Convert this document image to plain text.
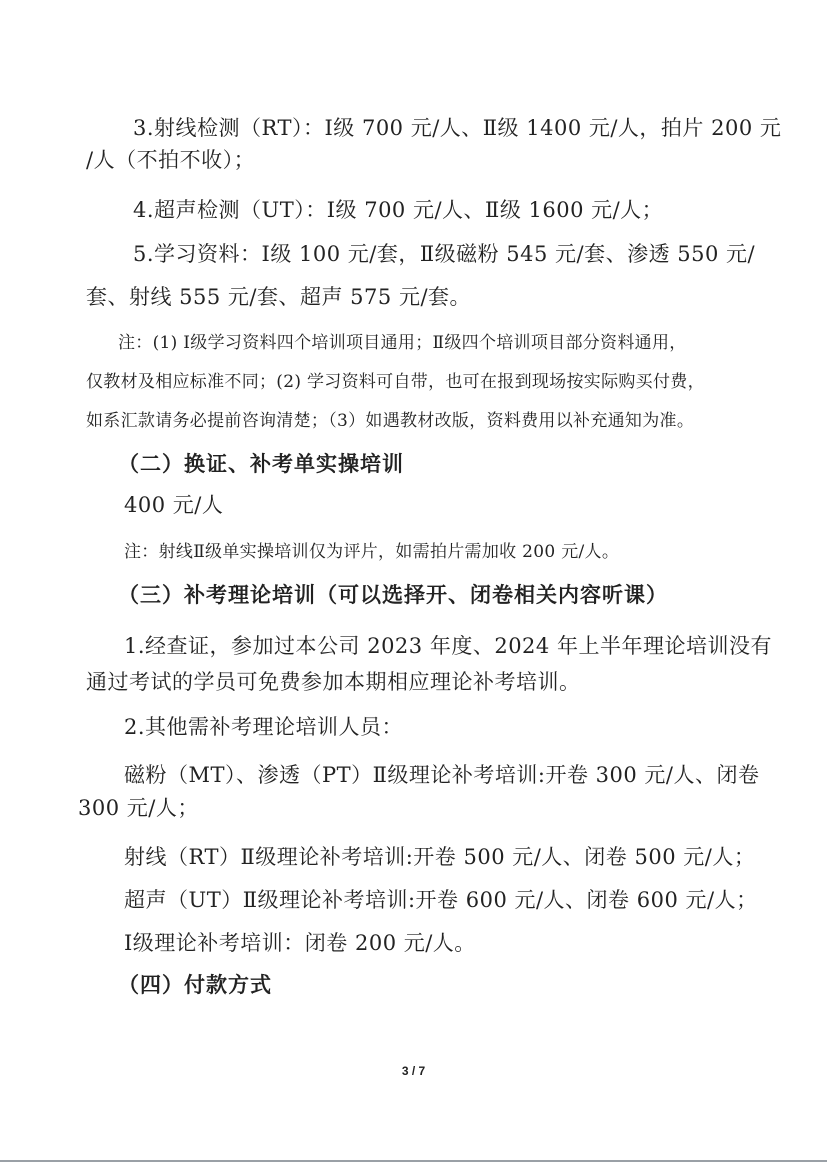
3.射线检测（RT）：Ⅰ级 700 元/人、Ⅱ级 1400 元/人，拍片 200 元
/人（不拍不收）；
4.超声检测（UT）：Ⅰ级 700 元/人、Ⅱ级 1600 元/人；
5.学习资料：Ⅰ级 100 元/套，Ⅱ级磁粉 545 元/套、渗透 550 元/
套、射线 555 元/套、超声 575 元/套。
注：(1) Ⅰ级学习资料四个培训项目通用；Ⅱ级四个培训项目部分资料通用，
仅教材及相应标准不同；(2) 学习资料可自带，也可在报到现场按实际购买付费，
如系汇款请务必提前咨询清楚；（3）如遇教材改版，资料费用以补充通知为准。
（二）换证、补考单实操培训
400 元/人
注：射线Ⅱ级单实操培训仅为评片，如需拍片需加收 200 元/人。
（三）补考理论培训（可以选择开、闭卷相关内容听课）
1.经查证，参加过本公司 2023 年度、2024 年上半年理论培训没有
通过考试的学员可免费参加本期相应理论补考培训。
2.其他需补考理论培训人员：
磁粉（MT）、渗透（PT）Ⅱ级理论补考培训:开卷 300 元/人、闭卷
300 元/人；
射线（RT）Ⅱ级理论补考培训:开卷 500 元/人、闭卷 500 元/人；
超声（UT）Ⅱ级理论补考培训:开卷 600 元/人、闭卷 600 元/人；
Ⅰ级理论补考培训：闭卷 200 元/人。
（四）付款方式
3 / 7
